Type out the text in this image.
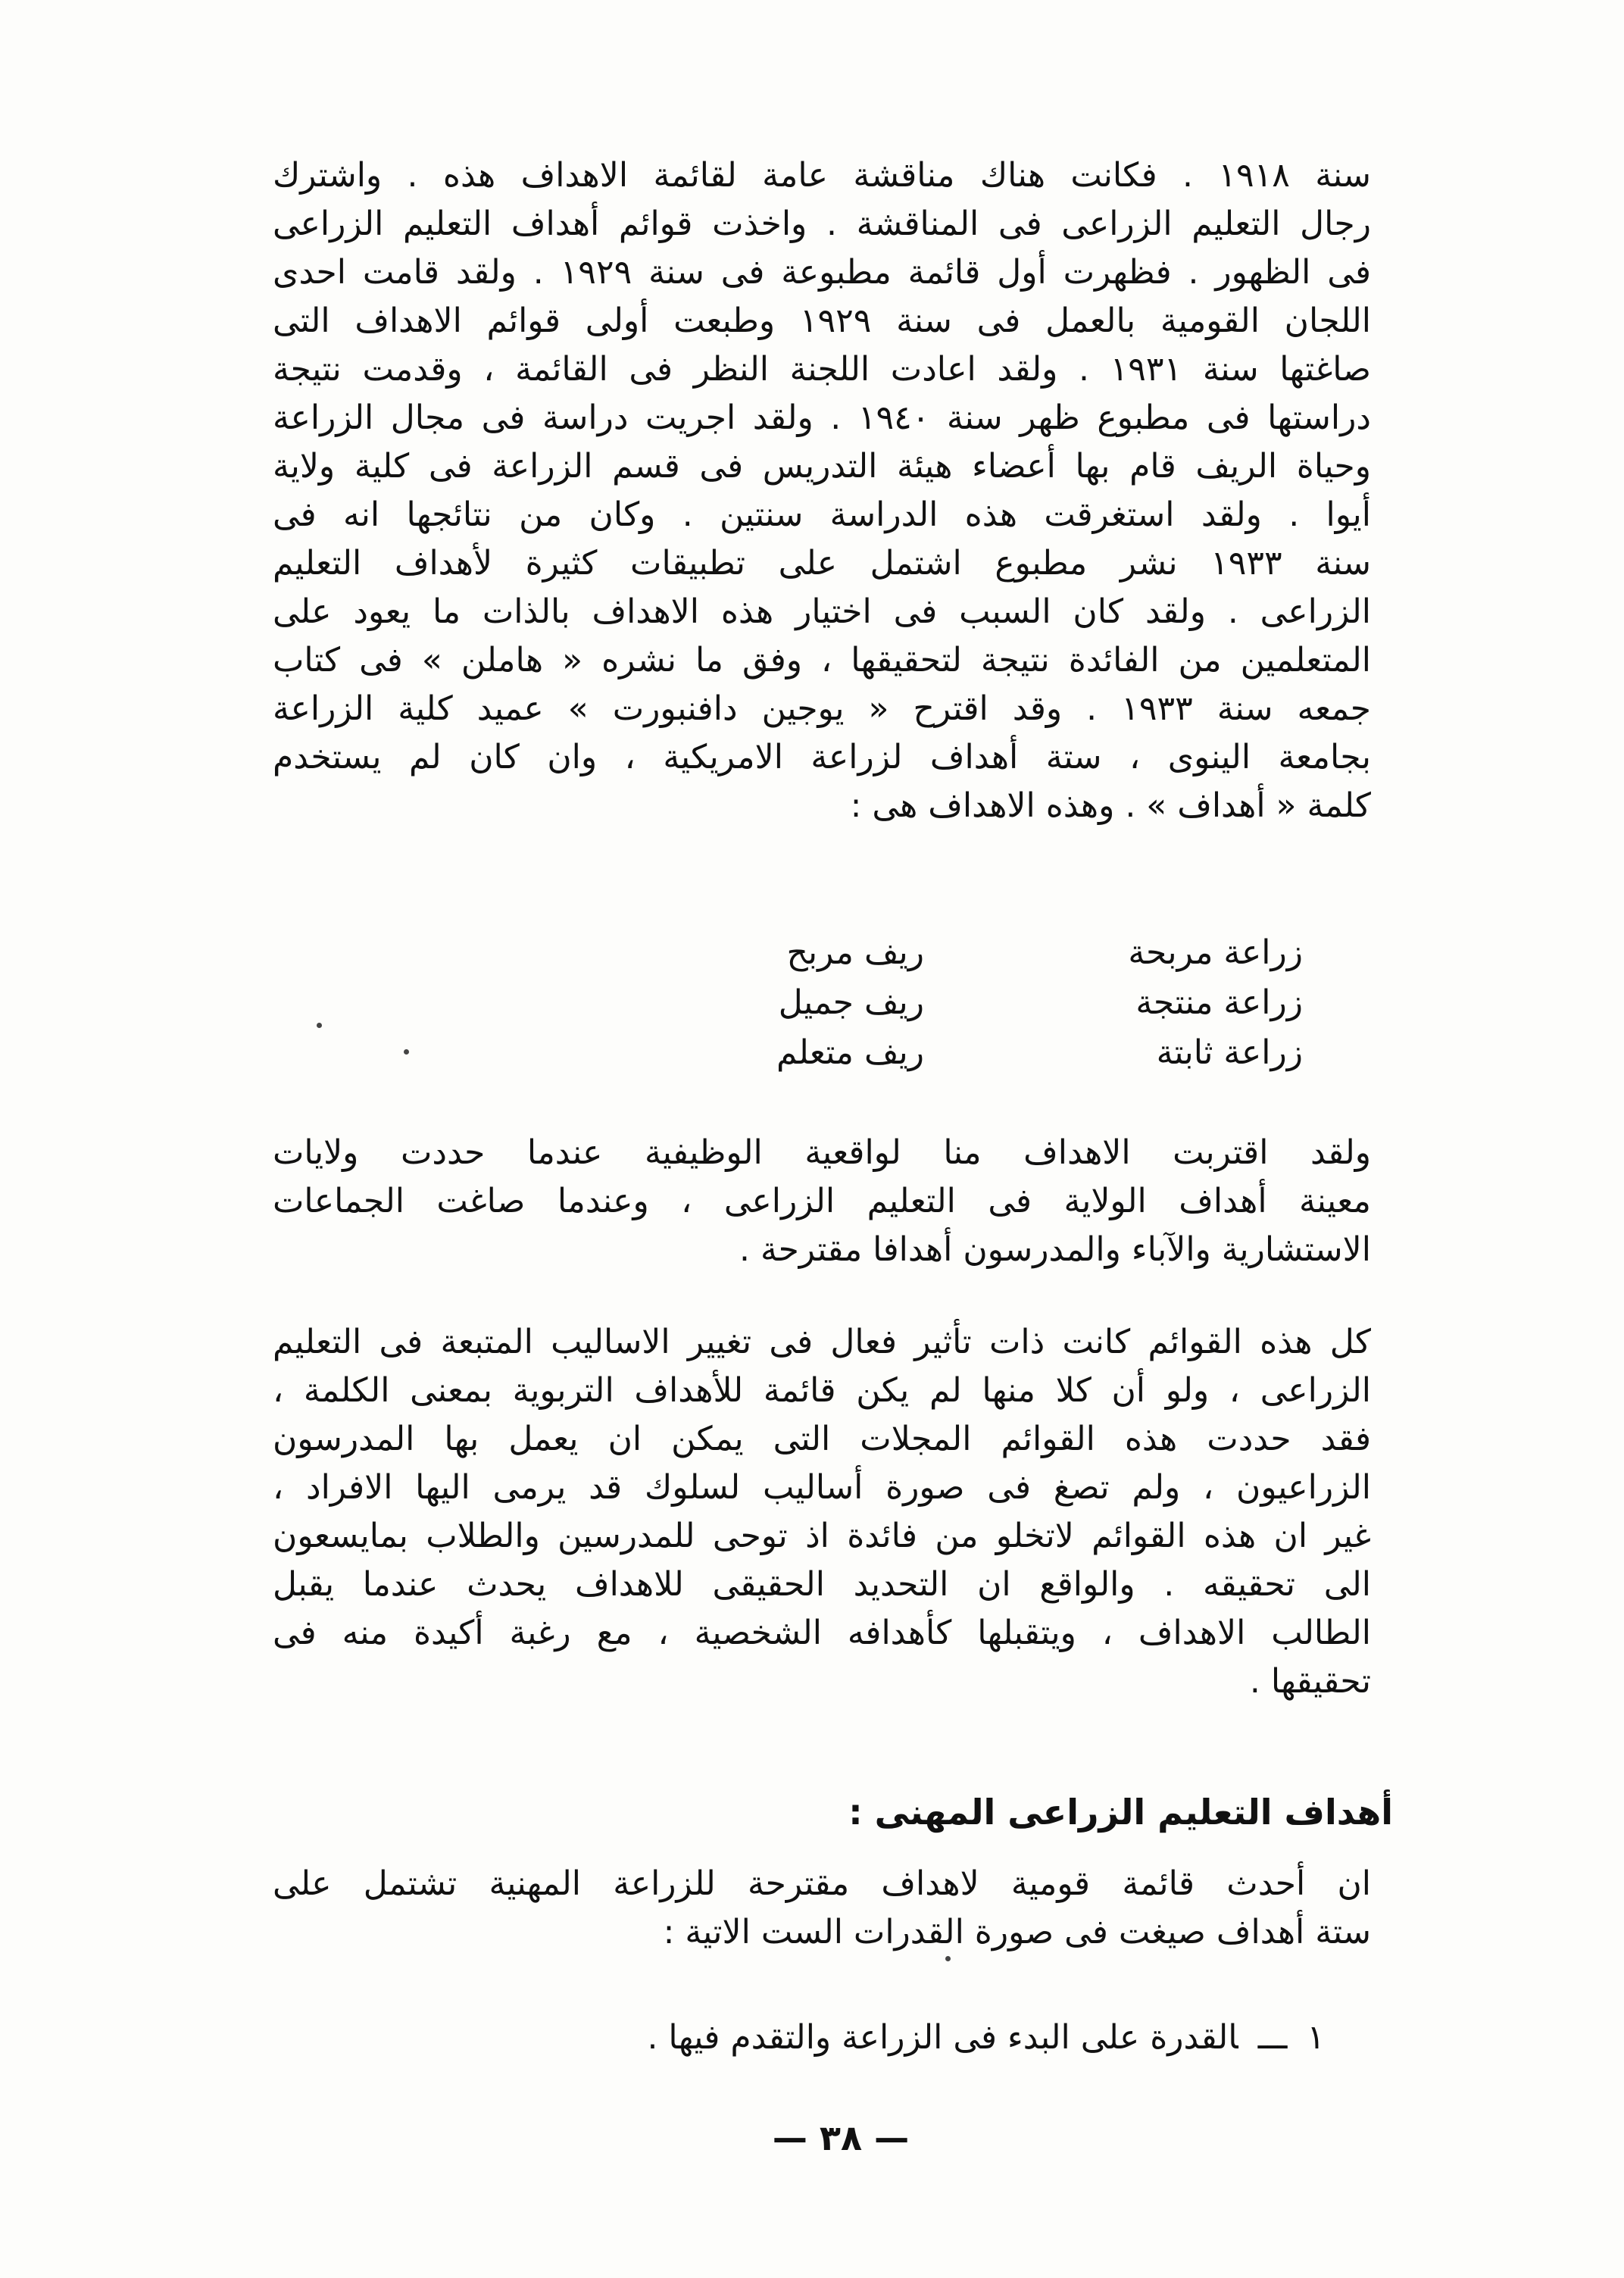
سنة ١٩١٨ . فكانت هناك مناقشة عامة لقائمة الاهداف هذه . واشترك
رجال التعليم الزراعى فى المناقشة . واخذت قوائم أهداف التعليم الزراعى
فى الظهور . فظهرت أول قائمة مطبوعة فى سنة ١٩٢٩ . ولقد قامت احدى
اللجان القومية بالعمل فى سنة ١٩٢٩ وطبعت أولى قوائم الاهداف التى
صاغتها سنة ١٩٣١ . ولقد اعادت اللجنة النظر فى القائمة ، وقدمت نتيجة
دراستها فى مطبوع ظهر سنة ١٩٤٠ . ولقد اجريت دراسة فى مجال الزراعة
وحياة الريف قام بها أعضاء هيئة التدريس فى قسم الزراعة فى كلية ولاية
أيوا . ولقد استغرقت هذه الدراسة سنتين . وكان من نتائجها انه فى
سنة ١٩٣٣ نشر مطبوع اشتمل على تطبيقات كثيرة لأهداف التعليم
الزراعى . ولقد كان السبب فى اختيار هذه الاهداف بالذات ما يعود على
المتعلمين من الفائدة نتيجة لتحقيقها ، وفق ما نشره « هاملن » فى كتاب
جمعه سنة ١٩٣٣ . وقد اقترح « يوجين دافنبورت » عميد كلية الزراعة
بجامعة الينوى ، ستة أهداف لزراعة الامريكية ، وان كان لم يستخدم
كلمة « أهداف » . وهذه الاهداف هى :
زراعة مربحة
زراعة منتجة
زراعة ثابتة
ريف مربح
ريف جميل
ريف متعلم
ولقد اقتربت الاهداف منا لواقعية الوظيفية عندما حددت ولايات
معينة أهداف الولاية فى التعليم الزراعى ، وعندما صاغت الجماعات
الاستشارية والآباء والمدرسون أهدافا مقترحة .
كل هذه القوائم كانت ذات تأثير فعال فى تغيير الاساليب المتبعة فى التعليم
الزراعى ، ولو أن كلا منها لم يكن قائمة للأهداف التربوية بمعنى الكلمة ،
فقد حددت هذه القوائم المجلات التى يمكن ان يعمل بها المدرسون
الزراعيون ، ولم تصغ فى صورة أساليب لسلوك قد يرمى اليها الافراد ،
غير ان هذه القوائم لاتخلو من فائدة اذ توحى للمدرسين والطلاب بمايسعون
الى تحقيقه . والواقع ان التحديد الحقيقى للاهداف يحدث عندما يقبل
الطالب الاهداف ، ويتقبلها كأهدافه الشخصية ، مع رغبة أكيدة منه فى
تحقيقها .
أهداف التعليم الزراعى المهنى :
ان أحدث قائمة قومية لاهداف مقترحة للزراعة المهنية تشتمل على
ستة أهداف صيغت فى صورة القدرات الست الاتية :
١ـــالقدرة على البدء فى الزراعة والتقدم فيها .
— ٣٨ —
